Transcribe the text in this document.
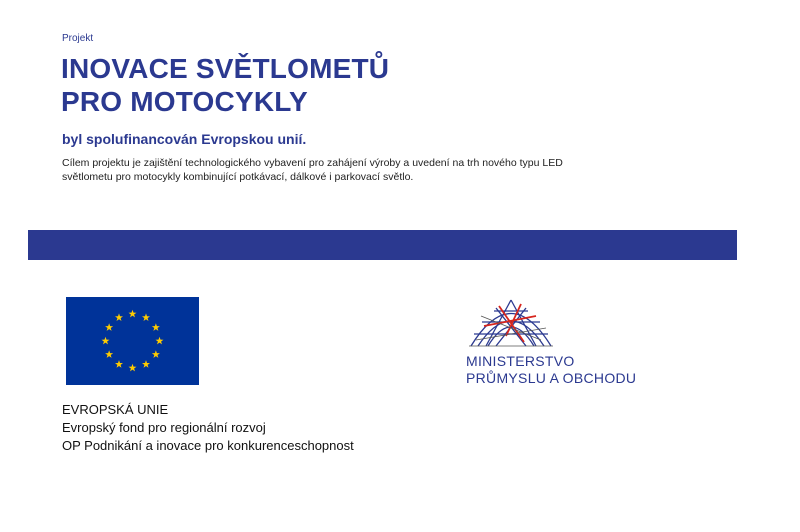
Projekt
INOVACE SVĚTLOMETŮ
PRO MOTOCYKLY
byl spolufinancován Evropskou unií.
Cílem projektu je zajištění technologického vybavení pro zahájení výroby a uvedení na trh nového typu LED
světlometu pro motocykly kombinující potkávací, dálkové i parkovací světlo.
EVROPSKÁ UNIE
Evropský fond pro regionální rozvoj
OP Podnikání a inovace pro konkurenceschopnost
MINISTERSTVO
PRŮMYSLU A OBCHODU
